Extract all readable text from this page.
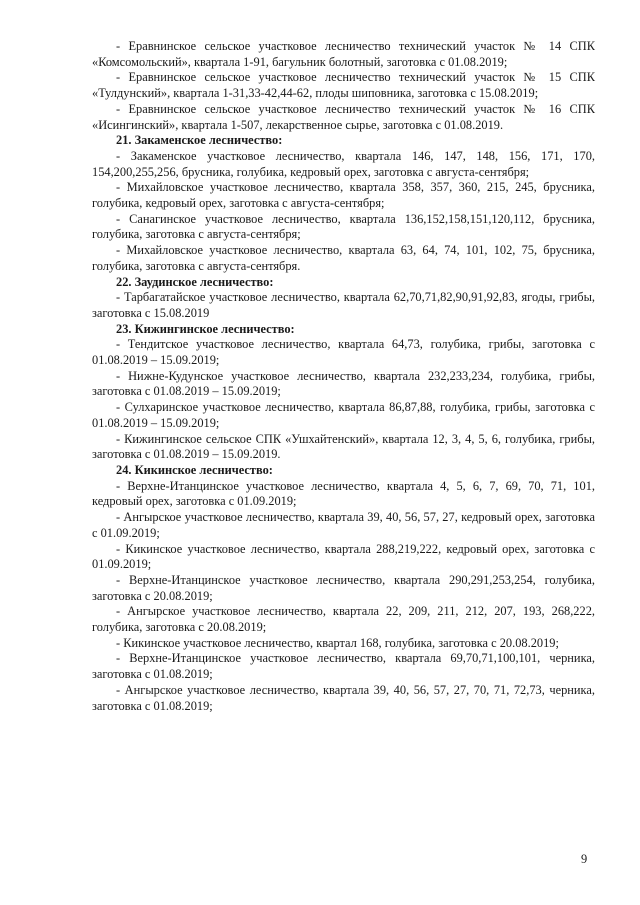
- Еравнинское сельское участковое лесничество технический участок № 14 СПК «Комсомольский», квартала 1-91, багульник болотный, заготовка с 01.08.2019;

- Еравнинское сельское участковое лесничество технический участок № 15 СПК «Тулдунский», квартала 1-31,33-42,44-62, плоды шиповника, заготовка с 15.08.2019;

- Еравнинское сельское участковое лесничество технический участок № 16 СПК «Исингинский», квартала 1-507, лекарственное сырье, заготовка с 01.08.2019.

21. Закаменское лесничество:

- Закаменское участковое лесничество, квартала 146, 147, 148, 156, 171, 170, 154,200,255,256, брусника, голубика, кедровый орех, заготовка с августа-сентября;

- Михайловское участковое лесничество, квартала 358, 357, 360, 215, 245, брусника, голубика, кедровый орех, заготовка с августа-сентября;

- Санагинское участковое лесничество, квартала 136,152,158,151,120,112, брусника, голубика, заготовка с августа-сентября;

- Михайловское участковое лесничество, квартала 63, 64, 74, 101, 102, 75, брусника, голубика, заготовка с августа-сентября.

22. Заудинское лесничество:

- Тарбагатайское участковое лесничество, квартала 62,70,71,82,90,91,92,83, ягоды, грибы, заготовка с 15.08.2019

23. Кижингинское лесничество:

- Тендитское участковое лесничество, квартала 64,73, голубика, грибы, заготовка с 01.08.2019 – 15.09.2019;

- Нижне-Кудунское участковое лесничество, квартала 232,233,234, голубика, грибы, заготовка с 01.08.2019 – 15.09.2019;

- Сулхаринское участковое лесничество, квартала 86,87,88, голубика, грибы, заготовка с 01.08.2019 – 15.09.2019;

- Кижингинское сельское СПК «Ушхайтенский», квартала 12, 3, 4, 5, 6, голубика, грибы, заготовка с 01.08.2019 – 15.09.2019.

24. Кикинское лесничество:

- Верхне-Итанцинское участковое лесничество, квартала 4, 5, 6, 7, 69, 70, 71, 101, кедровый орех, заготовка с 01.09.2019;

- Ангырское участковое лесничество, квартала 39, 40, 56, 57, 27, кедровый орех, заготовка с 01.09.2019;

- Кикинское участковое лесничество, квартала 288,219,222, кедровый орех, заготовка с 01.09.2019;

- Верхне-Итанцинское участковое лесничество, квартала 290,291,253,254, голубика, заготовка с 20.08.2019;

- Ангырское участковое лесничество, квартала 22, 209, 211, 212, 207, 193, 268,222, голубика, заготовка с 20.08.2019;

- Кикинское участковое лесничество, квартал 168, голубика, заготовка с 20.08.2019;

- Верхне-Итанцинское участковое лесничество, квартала 69,70,71,100,101, черника, заготовка с 01.08.2019;

- Ангырское участковое лесничество, квартала 39, 40, 56, 57, 27, 70, 71, 72,73, черника, заготовка с 01.08.2019;

9
